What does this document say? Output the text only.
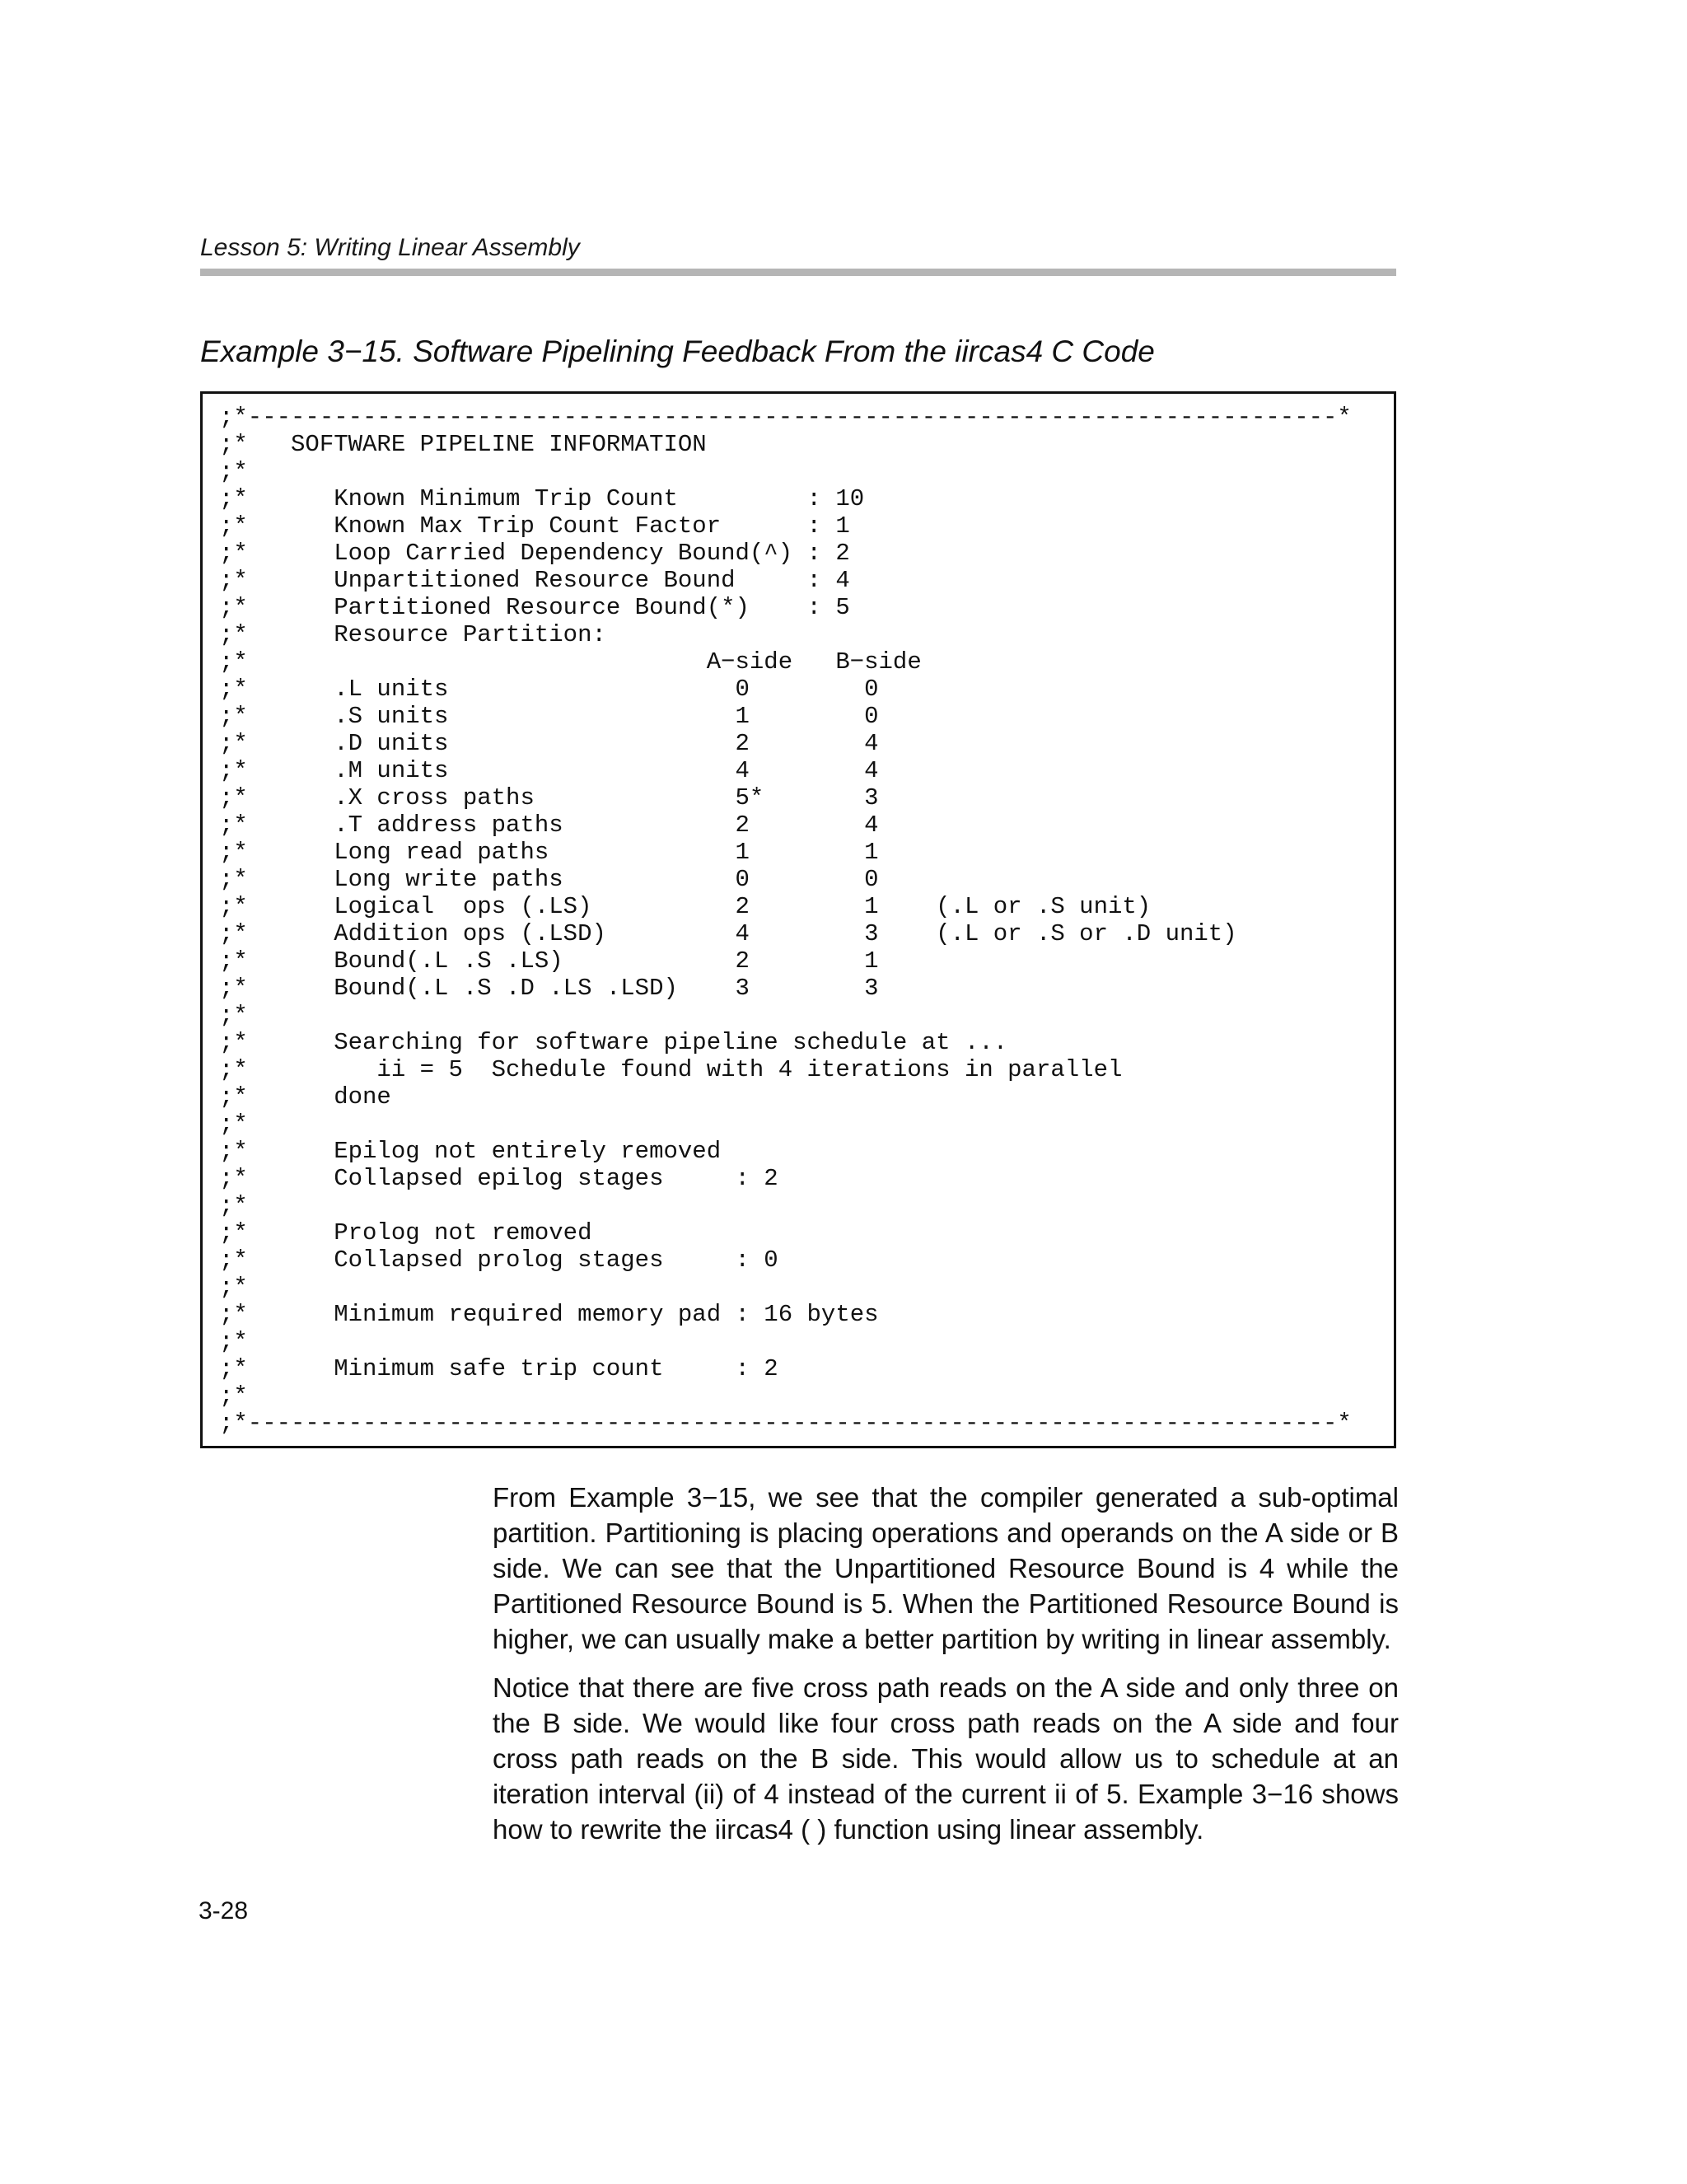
Lesson 5: Writing Linear Assembly
Example 3−15. Software Pipelining Feedback From the iircas4 C Code
;*----------------------------------------------------------------------------*
;*   SOFTWARE PIPELINE INFORMATION
;*
;*      Known Minimum Trip Count         : 10
;*      Known Max Trip Count Factor      : 1
;*      Loop Carried Dependency Bound(^) : 2
;*      Unpartitioned Resource Bound     : 4
;*      Partitioned Resource Bound(*)    : 5
;*      Resource Partition:
;*                                A−side   B−side
;*      .L units                    0        0
;*      .S units                    1        0
;*      .D units                    2        4
;*      .M units                    4        4
;*      .X cross paths              5*       3
;*      .T address paths            2        4
;*      Long read paths             1        1
;*      Long write paths            0        0
;*      Logical  ops (.LS)          2        1    (.L or .S unit)
;*      Addition ops (.LSD)         4        3    (.L or .S or .D unit)
;*      Bound(.L .S .LS)            2        1
;*      Bound(.L .S .D .LS .LSD)    3        3
;*
;*      Searching for software pipeline schedule at ...
;*         ii = 5  Schedule found with 4 iterations in parallel
;*      done
;*
;*      Epilog not entirely removed
;*      Collapsed epilog stages     : 2
;*
;*      Prolog not removed
;*      Collapsed prolog stages     : 0
;*
;*      Minimum required memory pad : 16 bytes
;*
;*      Minimum safe trip count     : 2
;*
;*----------------------------------------------------------------------------*

From Example 3−15, we see that the compiler generated a sub-optimal partition. Partitioning is placing operations and operands on the A side or B side. We can see that the Unpartitioned Resource Bound is 4 while the Partitioned Resource Bound is 5. When the Partitioned Resource Bound is higher, we can usually make a better partition by writing in linear assembly.

Notice that there are five cross path reads on the A side and only three on the B side. We would like four cross path reads on the A side and four cross path reads on the B side. This would allow us to schedule at an iteration interval (ii) of 4 instead of the current ii of 5. Example 3−16 shows how to rewrite the iircas4 ( ) function using linear assembly.

3-28
